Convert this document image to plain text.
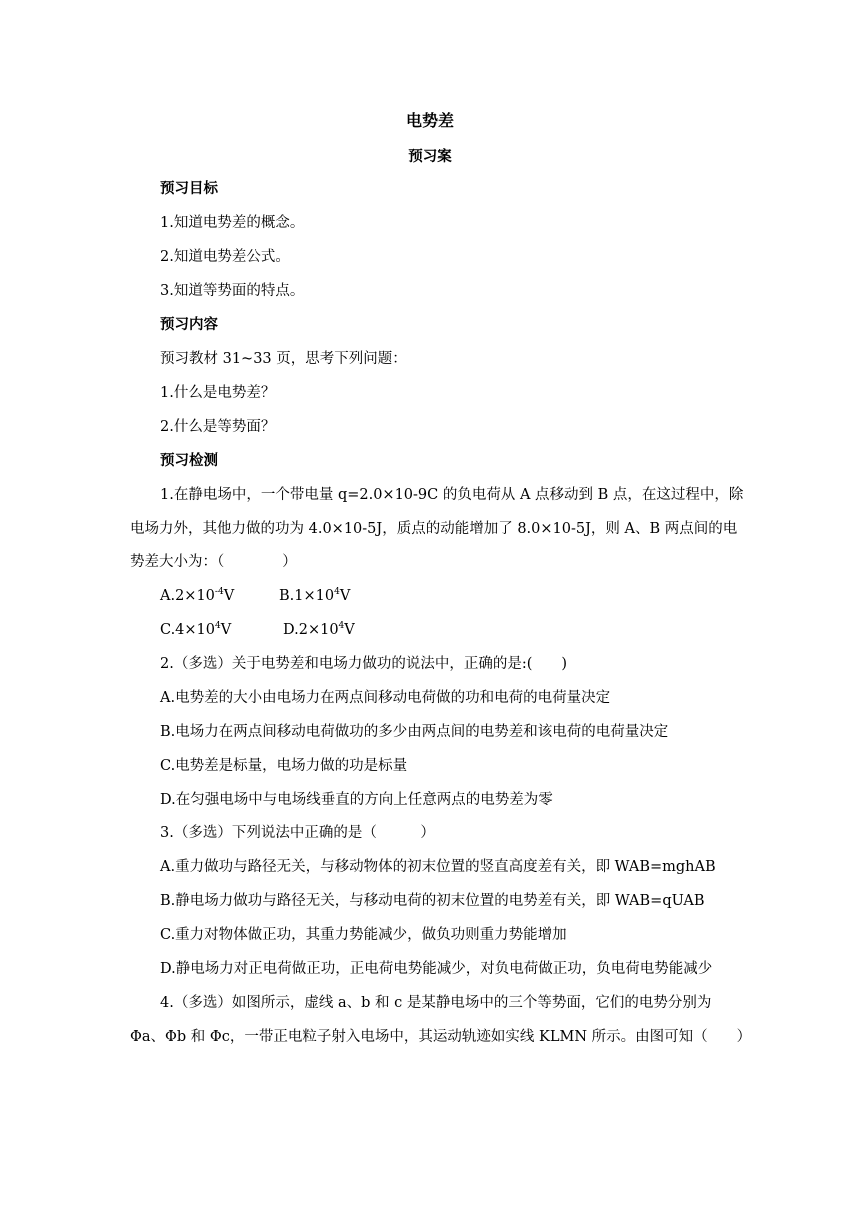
电势差
预习案
预习目标
1.知道电势差的概念。
2.知道电势差公式。
3.知道等势面的特点。
预习内容
预习教材 31~33 页，思考下列问题：
1.什么是电势差？
2.什么是等势面？
预习检测
1.在静电场中，一个带电量 q=2.0×10-9C 的负电荷从 A 点移动到 B 点，在这过程中，除
电场力外，其他力做的功为 4.0×10-5J，质点的动能增加了 8.0×10-5J，则 A、B 两点间的电
势差大小为：（　　　　）
$A.2\times 10^{-4}V$	$B.1\times 10^4V$
$C.4\times 10^4V$	$D.2\times 10^4V$
2.（多选）关于电势差和电场力做功的说法中，正确的是:(　　)
A.电势差的大小由电场力在两点间移动电荷做的功和电荷的电荷量决定
B.电场力在两点间移动电荷做功的多少由两点间的电势差和该电荷的电荷量决定
C.电势差是标量，电场力做的功是标量
D.在匀强电场中与电场线垂直的方向上任意两点的电势差为零
3.（多选）下列说法中正确的是（　　　）
A.重力做功与路径无关，与移动物体的初末位置的竖直高度差有关，即 WAB=mghAB
B.静电场力做功与路径无关，与移动电荷的初末位置的电势差有关，即 WAB=qUAB
C.重力对物体做正功，其重力势能减少，做负功则重力势能增加
D.静电场力对正电荷做正功，正电荷电势能减少，对负电荷做正功，负电荷电势能减少
4.（多选）如图所示，虚线 a、b 和 c 是某静电场中的三个等势面，它们的电势分别为
Φa、Φb 和 Φc，一带正电粒子射入电场中，其运动轨迹如实线 KLMN 所示。由图可知（　　）
